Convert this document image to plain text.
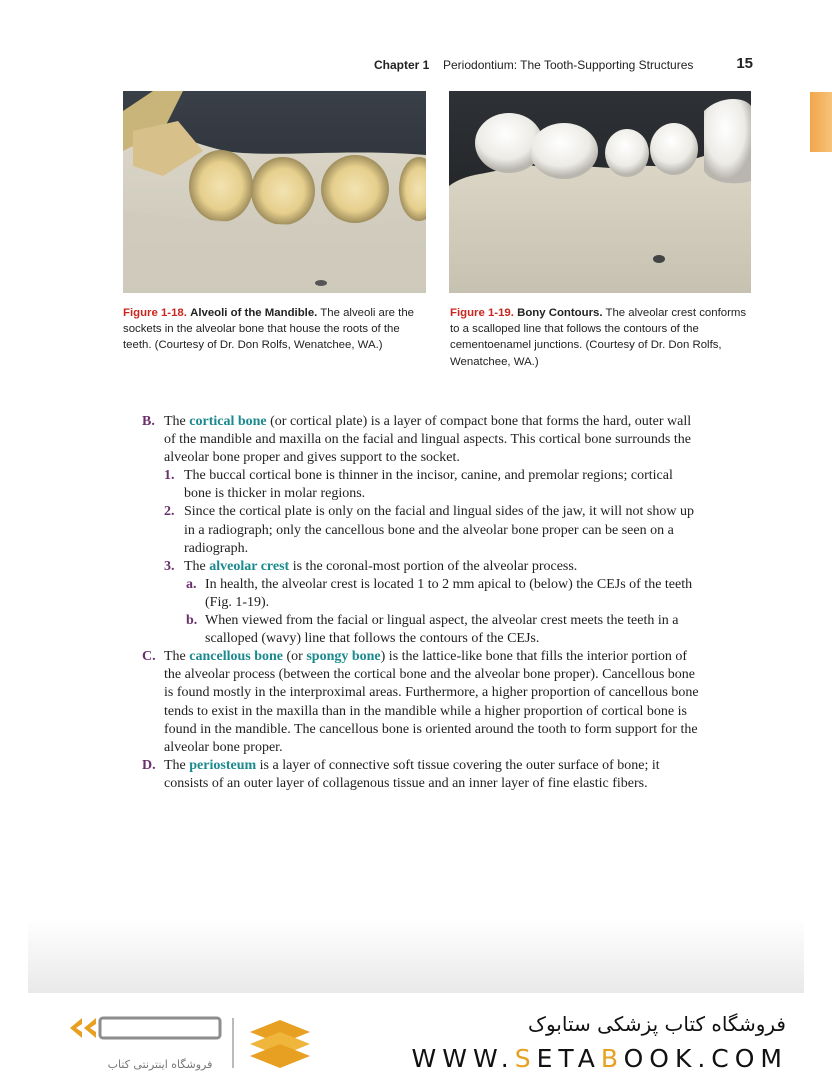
Chapter 1 Periodontium: The Tooth-Supporting Structures	15
Figure 1-18. Alveoli of the Mandible. The alveoli are the sockets in the alveolar bone that house the roots of the teeth. (Courtesy of Dr. Don Rolfs, Wenatchee, WA.)
Figure 1-19. Bony Contours. The alveolar crest conforms to a scalloped line that follows the contours of the cementoenamel junctions. (Courtesy of Dr. Don Rolfs, Wenatchee, WA.)
B. The cortical bone (or cortical plate) is a layer of compact bone that forms the hard, outer wall of the mandible and maxilla on the facial and lingual aspects. This cortical bone surrounds the alveolar bone proper and gives support to the socket.
1. The buccal cortical bone is thinner in the incisor, canine, and premolar regions; cortical bone is thicker in molar regions.
2. Since the cortical plate is only on the facial and lingual sides of the jaw, it will not show up in a radiograph; only the cancellous bone and the alveolar bone proper can be seen on a radiograph.
3. The alveolar crest is the coronal-most portion of the alveolar process.
a. In health, the alveolar crest is located 1 to 2 mm apical to (below) the CEJs of the teeth (Fig. 1-19).
b. When viewed from the facial or lingual aspect, the alveolar crest meets the teeth in a scalloped (wavy) line that follows the contours of the CEJs.
C. The cancellous bone (or spongy bone) is the lattice-like bone that fills the interior portion of the alveolar process (between the cortical bone and the alveolar bone proper). Cancellous bone is found mostly in the interproximal areas. Furthermore, a higher proportion of cancellous bone tends to exist in the maxilla than in the mandible while a higher proportion of cortical bone is found in the mandible. The cancellous bone is oriented around the tooth to form support for the alveolar bone proper.
D. The periosteum is a layer of connective soft tissue covering the outer surface of bone; it consists of an outer layer of collagenous tissue and an inner layer of fine elastic fibers.
فروشگاه اینترنتی کتاب
فروشگاه کتاب پزشکی ستابوک
WWW.SETABOOK.COM
